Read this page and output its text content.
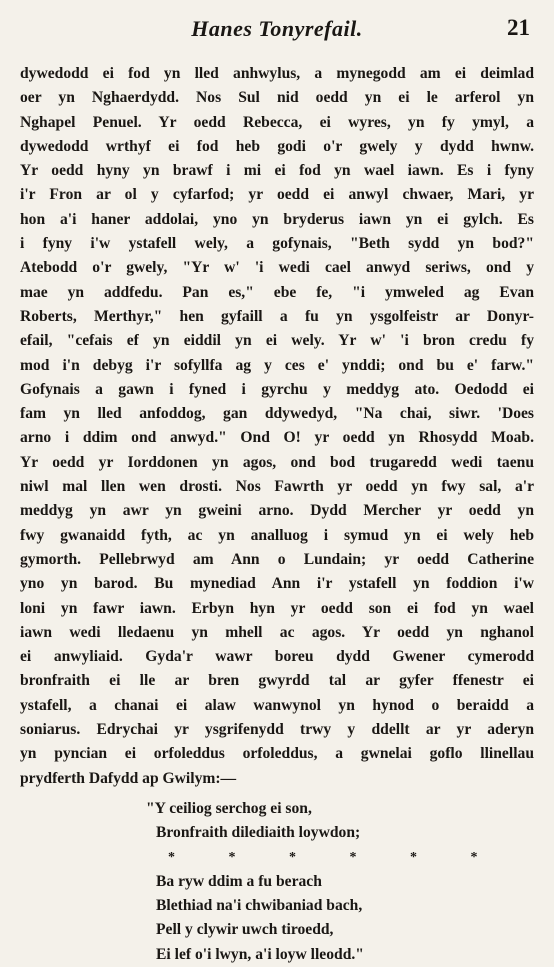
Hanes Tonyrefail.	21
dywedodd ei fod yn lled anhwylus, a mynegodd am ei deimlad
oer yn Nghaerdydd. Nos Sul nid oedd yn ei le arferol yn
Nghapel Penuel. Yr oedd Rebecca, ei wyres, yn fy ymyl, a
dywedodd wrthyf ei fod heb godi o'r gwely y dydd hwnw.
Yr oedd hyny yn brawf i mi ei fod yn wael iawn. Es i fyny
i'r Fron ar ol y cyfarfod; yr oedd ei anwyl chwaer, Mari, yr
hon a'i haner addolai, yno yn bryderus iawn yn ei gylch. Es
i fyny i'w ystafell wely, a gofynais, "Beth sydd yn bod?"
Atebodd o'r gwely, "Yr w' 'i wedi cael anwyd seriws, ond y
mae yn addfedu. Pan es," ebe fe, "i ymweled ag Evan
Roberts, Merthyr," hen gyfaill a fu yn ysgolfeistr ar Donyr-
efail, "cefais ef yn eiddil yn ei wely. Yr w' 'i bron credu fy
mod i'n debyg i'r sofyllfa ag y ces e' ynddi; ond bu e' farw."
Gofynais a gawn i fyned i gyrchu y meddyg ato. Oedodd ei
fam yn lled anfoddog, gan ddywedyd, "Na chai, siwr. 'Does
arno i ddim ond anwyd." Ond O! yr oedd yn Rhosydd Moab.
Yr oedd yr Iorddonen yn agos, ond bod trugaredd wedi taenu
niwl mal llen wen drosti. Nos Fawrth yr oedd yn fwy sal, a'r
meddyg yn awr yn gweini arno. Dydd Mercher yr oedd yn
fwy gwanaidd fyth, ac yn analluog i symud yn ei wely heb
gymorth. Pellebrwyd am Ann o Lundain; yr oedd Catherine
yno yn barod. Bu mynediad Ann i'r ystafell yn foddion i'w
loni yn fawr iawn. Erbyn hyn yr oedd son ei fod yn wael
iawn wedi lledaenu yn mhell ac agos. Yr oedd yn nghanol
ei anwyliaid. Gyda'r wawr boreu dydd Gwener cymerodd
bronfraith ei lle ar bren gwyrdd tal ar gyfer ffenestr ei
ystafell, a chanai ei alaw wanwynol yn hynod o beraidd a
soniarus. Edrychai yr ysgrifenydd trwy y ddellt ar yr aderyn
yn pyncian ei orfoleddus orfoleddus, a gwnelai goflo llinellau
prydferth Dafydd ap Gwilym:—
"Y ceiliog serchog ei son,
Bronfraith dilediaith loywdon;
* * * * * *
Ba ryw ddim a fu berach
Blethiad na'i chwibaniad bach,
Pell y clywir uwch tiroedd,
Ei lef o'i lwyn, a'i loyw lleodd."
